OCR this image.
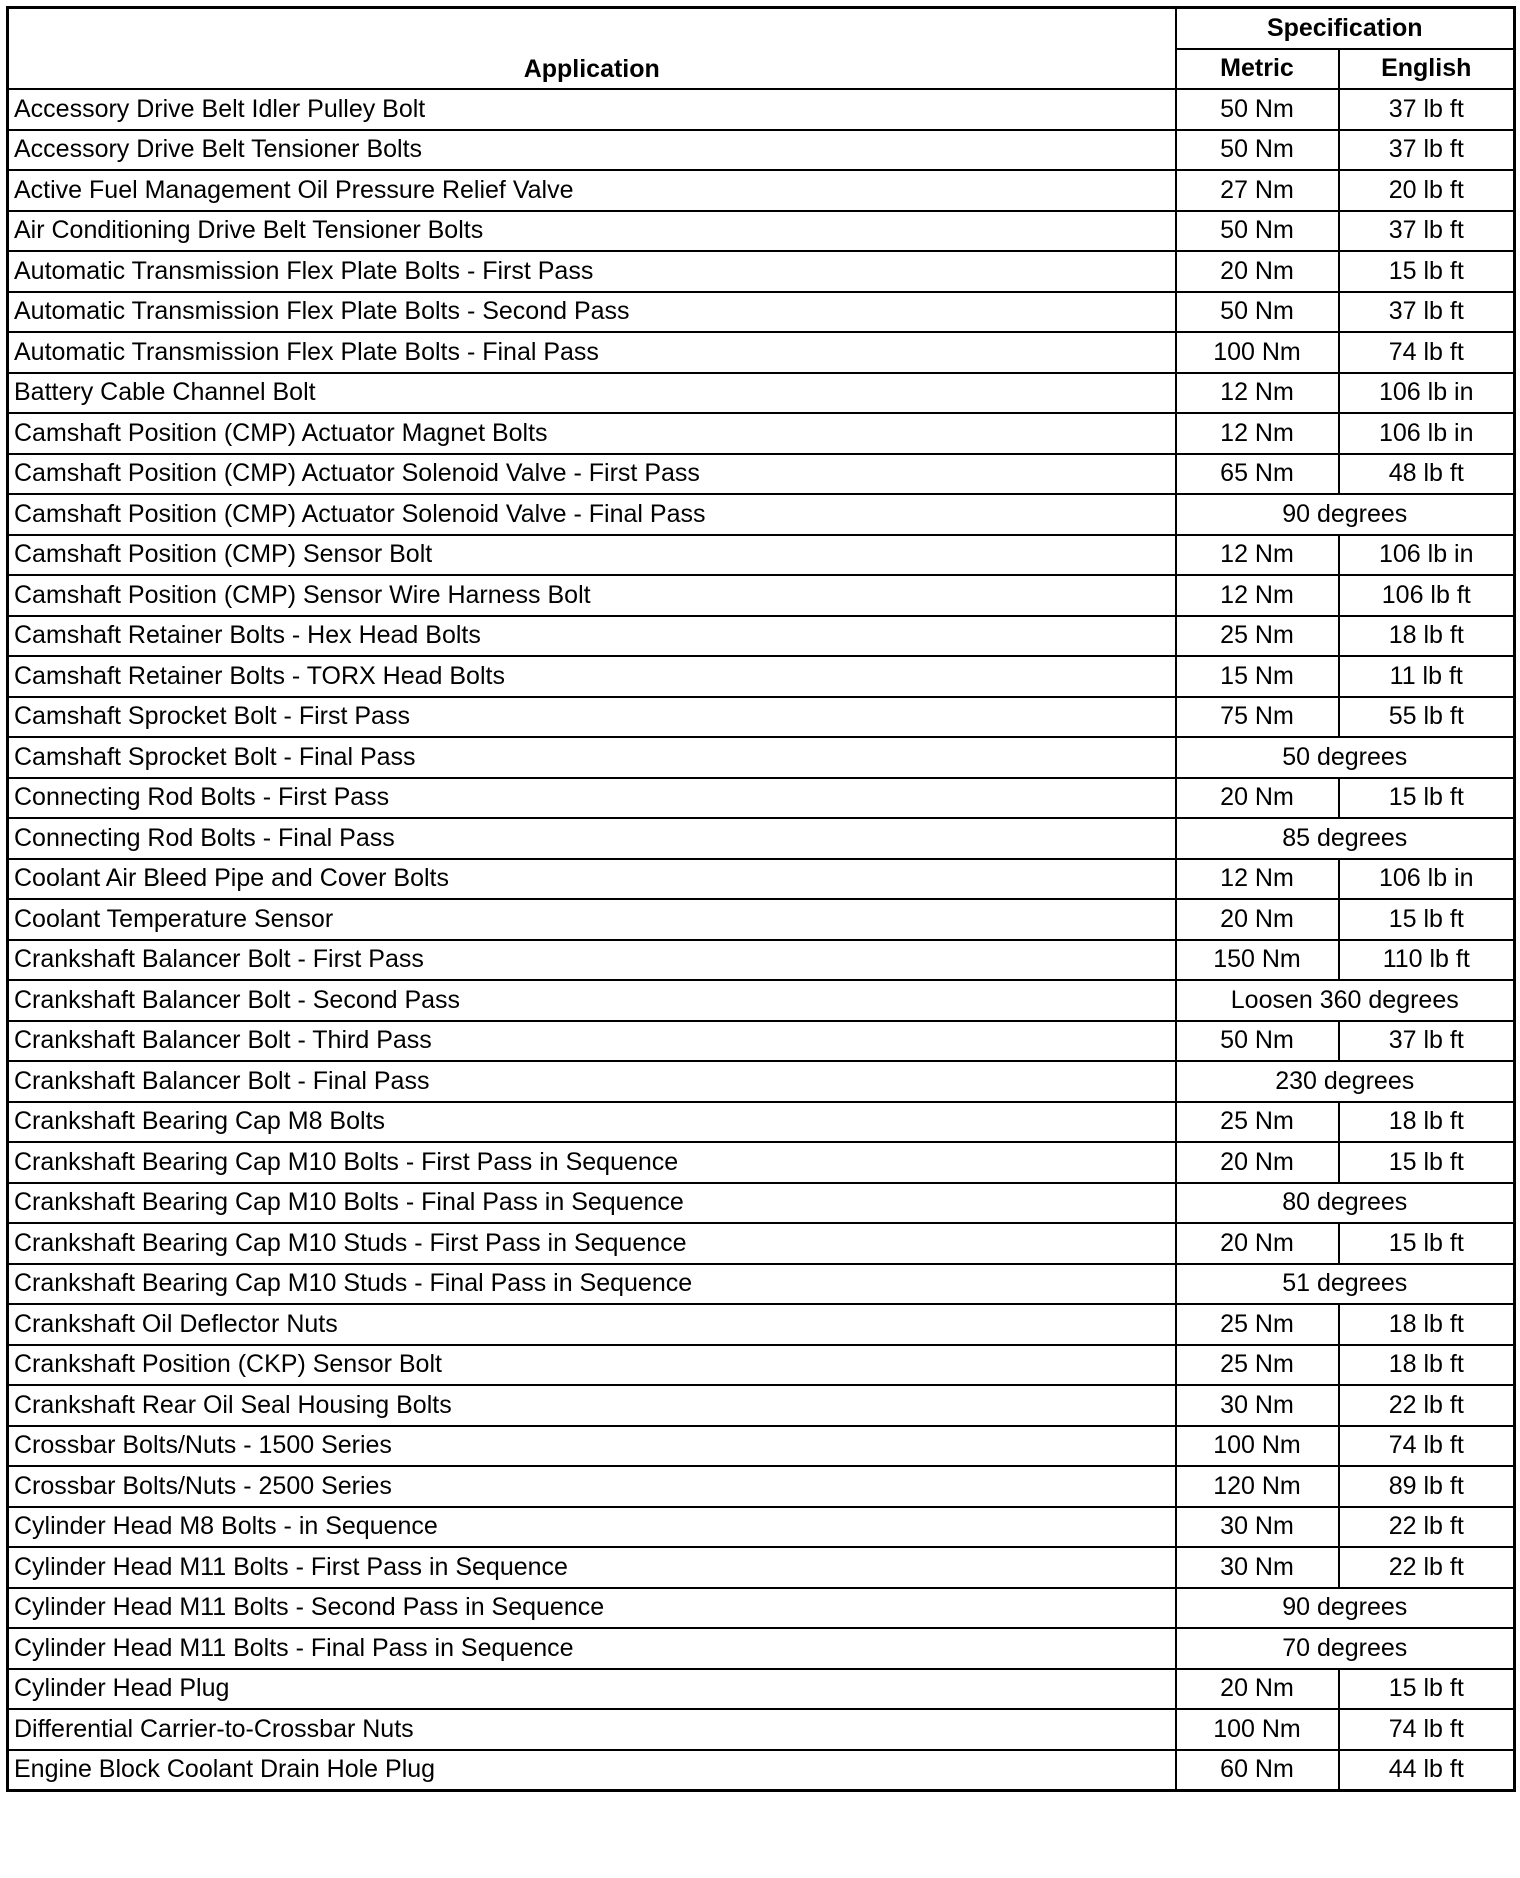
Application	Specification	
	Metric	English
Accessory Drive Belt Idler Pulley Bolt	50 Nm	37 lb ft
Accessory Drive Belt Tensioner Bolts	50 Nm	37 lb ft
Active Fuel Management Oil Pressure Relief Valve	27 Nm	20 lb ft
Air Conditioning Drive Belt Tensioner Bolts	50 Nm	37 lb ft
Automatic Transmission Flex Plate Bolts - First Pass	20 Nm	15 lb ft
Automatic Transmission Flex Plate Bolts - Second Pass	50 Nm	37 lb ft
Automatic Transmission Flex Plate Bolts - Final Pass	100 Nm	74 lb ft
Battery Cable Channel Bolt	12 Nm	106 lb in
Camshaft Position (CMP) Actuator Magnet Bolts	12 Nm	106 lb in
Camshaft Position (CMP) Actuator Solenoid Valve - First Pass	65 Nm	48 lb ft
Camshaft Position (CMP) Actuator Solenoid Valve - Final Pass	90 degrees	
Camshaft Position (CMP) Sensor Bolt	12 Nm	106 lb in
Camshaft Position (CMP) Sensor Wire Harness Bolt	12 Nm	106 lb ft
Camshaft Retainer Bolts - Hex Head Bolts	25 Nm	18 lb ft
Camshaft Retainer Bolts - TORX Head Bolts	15 Nm	11 lb ft
Camshaft Sprocket Bolt - First Pass	75 Nm	55 lb ft
Camshaft Sprocket Bolt - Final Pass	50 degrees	
Connecting Rod Bolts - First Pass	20 Nm	15 lb ft
Connecting Rod Bolts - Final Pass	85 degrees	
Coolant Air Bleed Pipe and Cover Bolts	12 Nm	106 lb in
Coolant Temperature Sensor	20 Nm	15 lb ft
Crankshaft Balancer Bolt - First Pass	150 Nm	110 lb ft
Crankshaft Balancer Bolt - Second Pass	Loosen 360 degrees	
Crankshaft Balancer Bolt - Third Pass	50 Nm	37 lb ft
Crankshaft Balancer Bolt - Final Pass	230 degrees	
Crankshaft Bearing Cap M8 Bolts	25 Nm	18 lb ft
Crankshaft Bearing Cap M10 Bolts - First Pass in Sequence	20 Nm	15 lb ft
Crankshaft Bearing Cap M10 Bolts - Final Pass in Sequence	80 degrees	
Crankshaft Bearing Cap M10 Studs - First Pass in Sequence	20 Nm	15 lb ft
Crankshaft Bearing Cap M10 Studs - Final Pass in Sequence	51 degrees	
Crankshaft Oil Deflector Nuts	25 Nm	18 lb ft
Crankshaft Position (CKP) Sensor Bolt	25 Nm	18 lb ft
Crankshaft Rear Oil Seal Housing Bolts	30 Nm	22 lb ft
Crossbar Bolts/Nuts - 1500 Series	100 Nm	74 lb ft
Crossbar Bolts/Nuts - 2500 Series	120 Nm	89 lb ft
Cylinder Head M8 Bolts - in Sequence	30 Nm	22 lb ft
Cylinder Head M11 Bolts - First Pass in Sequence	30 Nm	22 lb ft
Cylinder Head M11 Bolts - Second Pass in Sequence	90 degrees	
Cylinder Head M11 Bolts - Final Pass in Sequence	70 degrees	
Cylinder Head Plug	20 Nm	15 lb ft
Differential Carrier-to-Crossbar Nuts	100 Nm	74 lb ft
Engine Block Coolant Drain Hole Plug	60 Nm	44 lb ft
